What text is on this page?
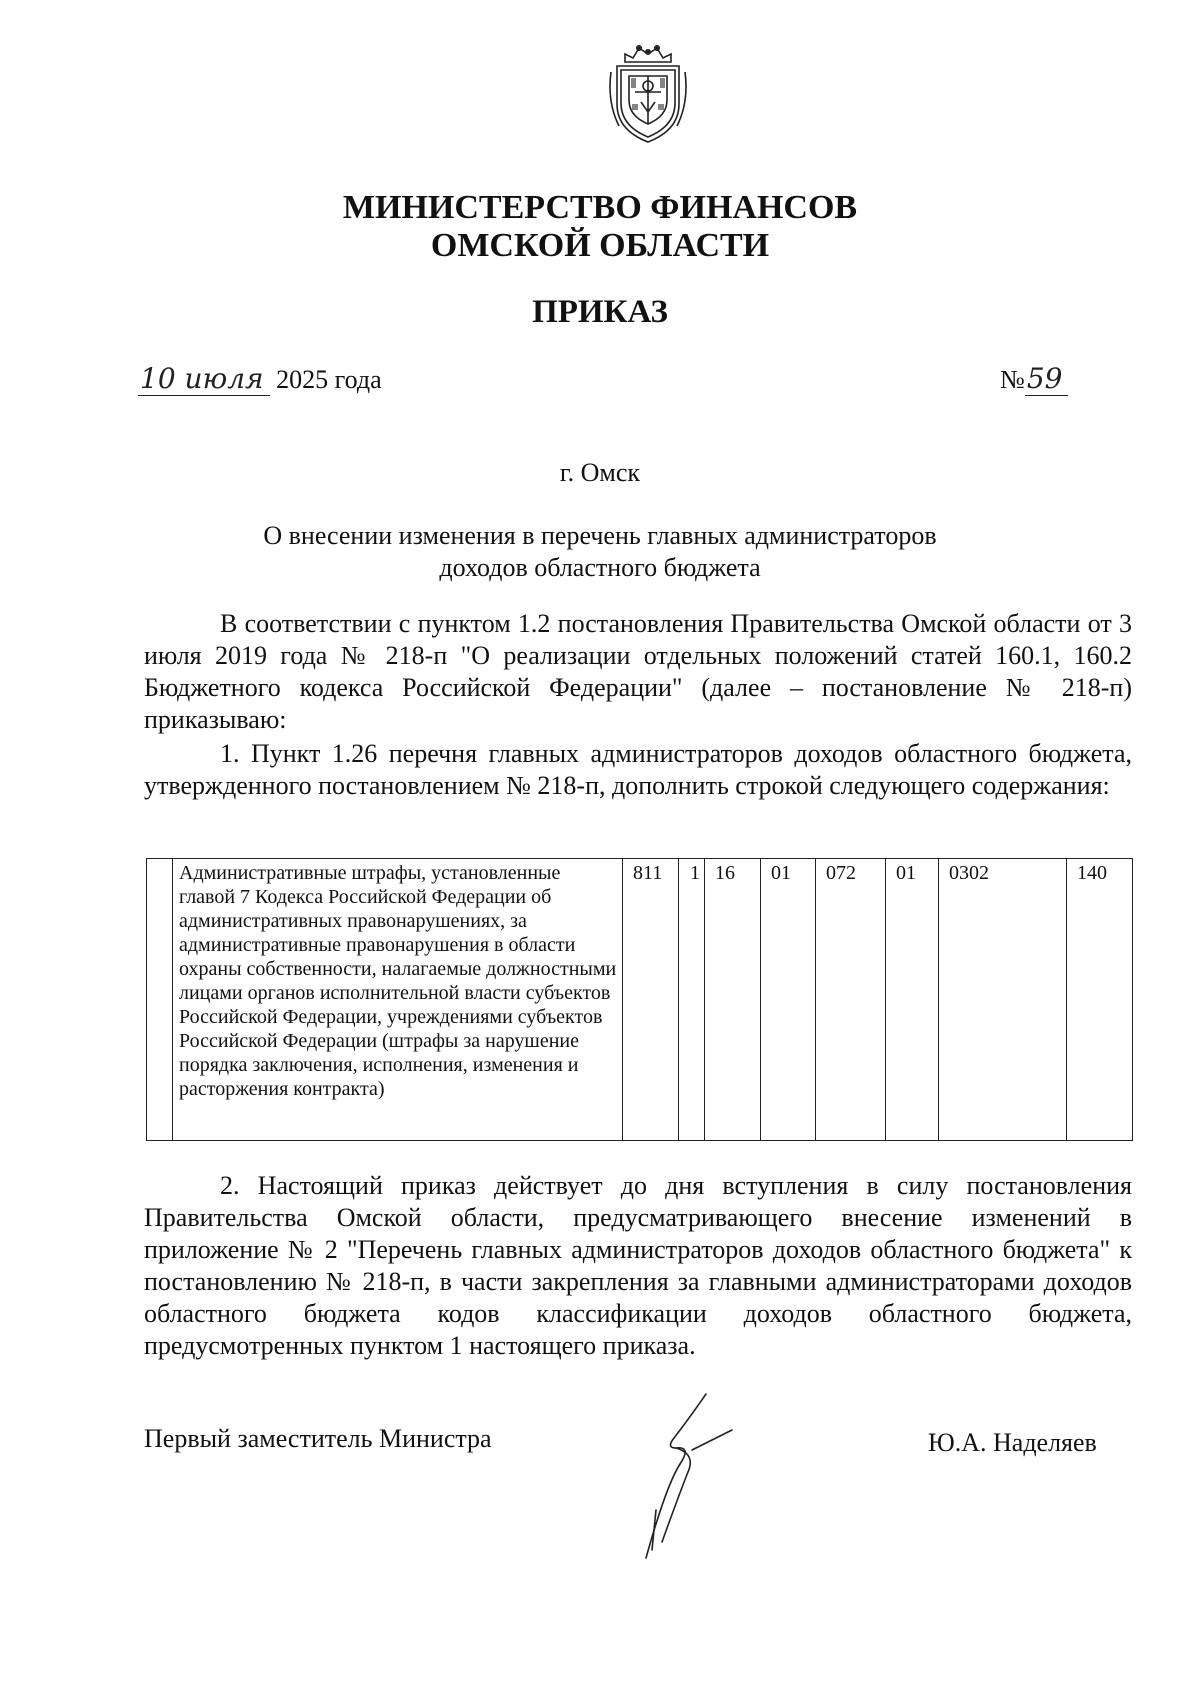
МИНИСТЕРСТВО ФИНАНСОВ
ОМСКОЙ ОБЛАСТИ
ПРИКАЗ
10 июля 2025 года	№59
г. Омск
О внесении изменения в перечень главных администраторов
доходов областного бюджета

В соответствии с пунктом 1.2 постановления Правительства Омской области от 3 июля 2019 года № 218-п "О реализации отдельных положений статей 160.1, 160.2 Бюджетного кодекса Российской Федерации" (далее – постановление № 218-п) приказываю:

1. Пункт 1.26 перечня главных администраторов доходов областного бюджета, утвержденного постановлением № 218-п, дополнить строкой следующего содержания:

	Административные штрафы, установленные главой 7 Кодекса Российской Федерации об административных правонарушениях, за административные правонарушения в области охраны собственности, налагаемые должностными лицами органов исполнительной власти субъектов Российской Федерации, учреждениями субъектов Российской Федерации (штрафы за нарушение порядка заключения, исполнения, изменения и расторжения контракта)	811	1	16	01	072	01	0302	140

2. Настоящий приказ действует до дня вступления в силу постановления Правительства Омской области, предусматривающего внесение изменений в приложение № 2 "Перечень главных администраторов доходов областного бюджета" к постановлению № 218-п, в части закрепления за главными администраторами доходов областного бюджета кодов классификации доходов областного бюджета, предусмотренных пунктом 1 настоящего приказа.

Первый заместитель Министра	Ю.А. Наделяев
